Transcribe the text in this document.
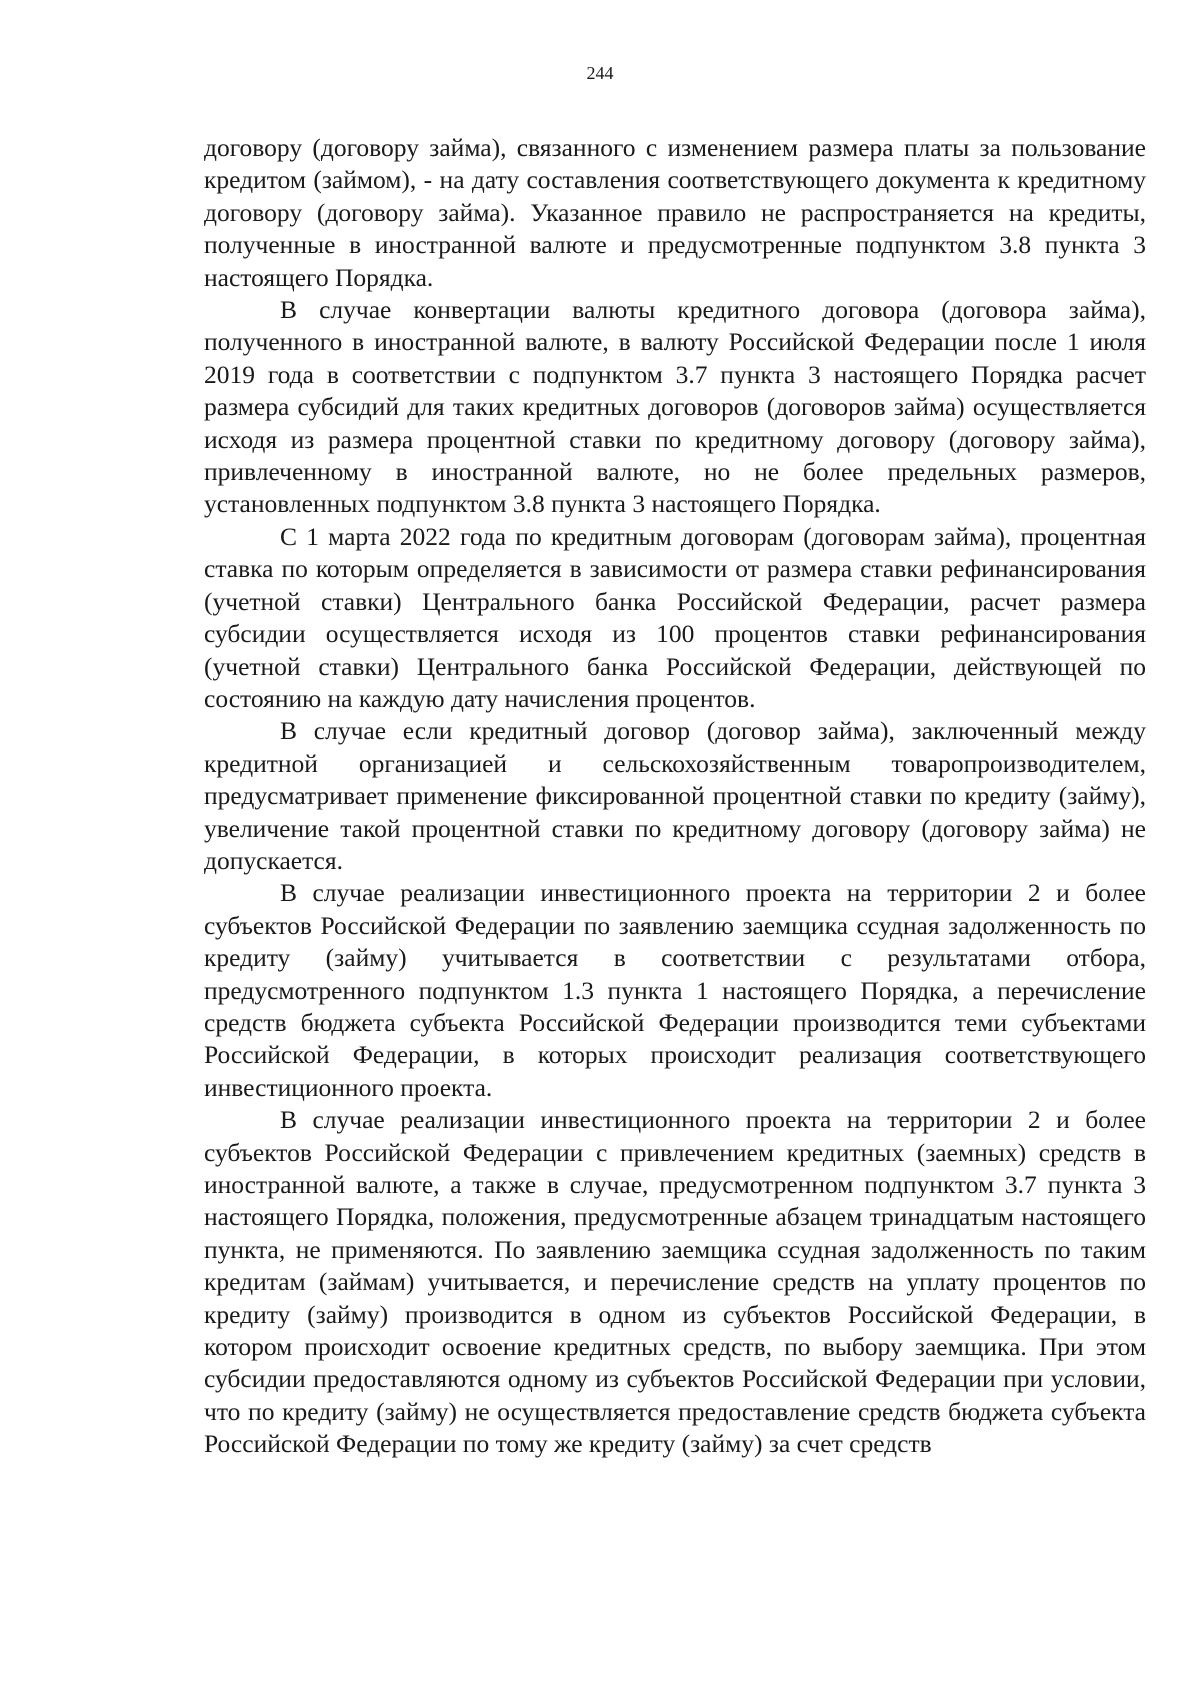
244

договору (договору займа), связанного с изменением размера платы за пользование кредитом (займом), - на дату составления соответствующего документа к кредитному договору (договору займа). Указанное правило не распространяется на кредиты, полученные в иностранной валюте и предусмотренные подпунктом 3.8 пункта 3 настоящего Порядка.

В случае конвертации валюты кредитного договора (договора займа), полученного в иностранной валюте, в валюту Российской Федерации после 1 июля 2019 года в соответствии с подпунктом 3.7 пункта 3 настоящего Порядка расчет размера субсидий для таких кредитных договоров (договоров займа) осуществляется исходя из размера процентной ставки по кредитному договору (договору займа), привлеченному в иностранной валюте, но не более предельных размеров, установленных подпунктом 3.8 пункта 3 настоящего Порядка.

С 1 марта 2022 года по кредитным договорам (договорам займа), процентная ставка по которым определяется в зависимости от размера ставки рефинансирования (учетной ставки) Центрального банка Российской Федерации, расчет размера субсидии осуществляется исходя из 100 процентов ставки рефинансирования (учетной ставки) Центрального банка Российской Федерации, действующей по состоянию на каждую дату начисления процентов.

В случае если кредитный договор (договор займа), заключенный между кредитной организацией и сельскохозяйственным товаропроизводителем, предусматривает применение фиксированной процентной ставки по кредиту (займу), увеличение такой процентной ставки по кредитному договору (договору займа) не допускается.

В случае реализации инвестиционного проекта на территории 2 и более субъектов Российской Федерации по заявлению заемщика ссудная задолженность по кредиту (займу) учитывается в соответствии с результатами отбора, предусмотренного подпунктом 1.3 пункта 1 настоящего Порядка, а перечисление средств бюджета субъекта Российской Федерации производится теми субъектами Российской Федерации, в которых происходит реализация соответствующего инвестиционного проекта.

В случае реализации инвестиционного проекта на территории 2 и более субъектов Российской Федерации с привлечением кредитных (заемных) средств в иностранной валюте, а также в случае, предусмотренном подпунктом 3.7 пункта 3 настоящего Порядка, положения, предусмотренные абзацем тринадцатым настоящего пункта, не применяются. По заявлению заемщика ссудная задолженность по таким кредитам (займам) учитывается, и перечисление средств на уплату процентов по кредиту (займу) производится в одном из субъектов Российской Федерации, в котором происходит освоение кредитных средств, по выбору заемщика. При этом субсидии предоставляются одному из субъектов Российской Федерации при условии, что по кредиту (займу) не осуществляется предоставление средств бюджета субъекта Российской Федерации по тому же кредиту (займу) за счет средств
